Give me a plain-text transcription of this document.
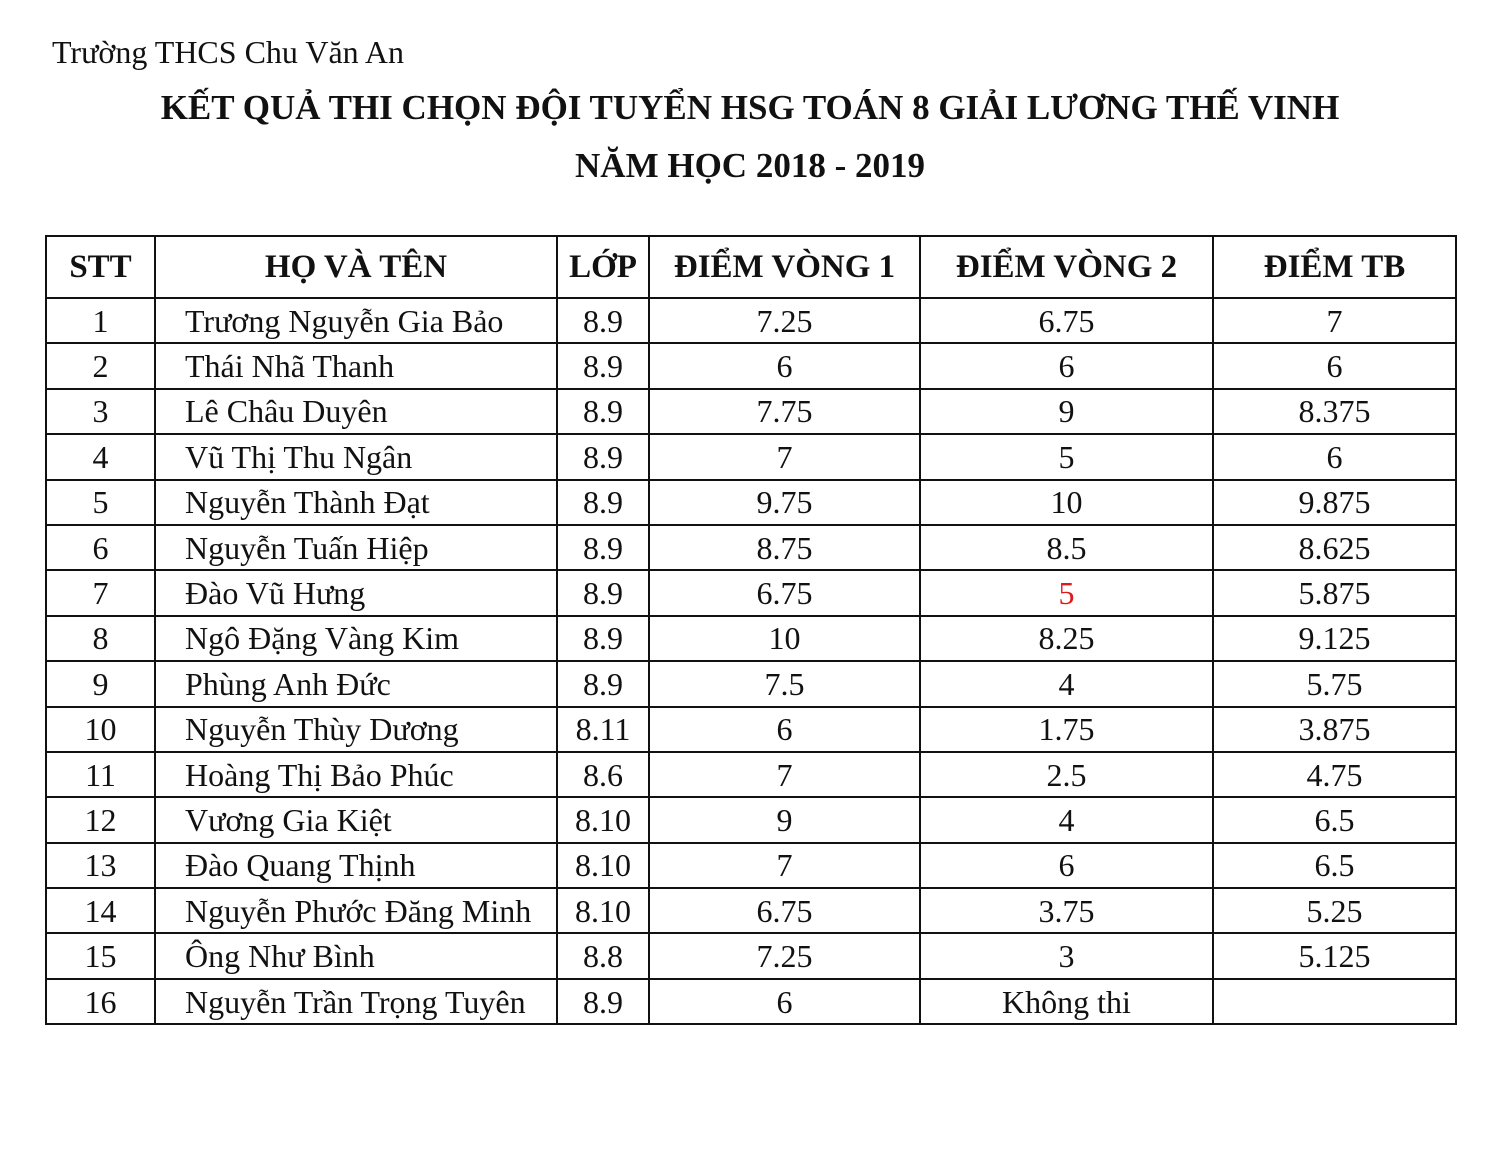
Trường THCS Chu Văn An
KẾT QUẢ THI CHỌN ĐỘI TUYỂN HSG TOÁN 8 GIẢI LƯƠNG THẾ VINH
NĂM HỌC 2018 - 2019
STT	HỌ VÀ TÊN	LỚP	ĐIỂM VÒNG 1	ĐIỂM VÒNG 2	ĐIỂM TB
1	Trương Nguyễn Gia Bảo	8.9	7.25	6.75	7
2	Thái Nhã Thanh	8.9	6	6	6
3	Lê Châu Duyên	8.9	7.75	9	8.375
4	Vũ Thị Thu Ngân	8.9	7	5	6
5	Nguyễn Thành Đạt	8.9	9.75	10	9.875
6	Nguyễn Tuấn Hiệp	8.9	8.75	8.5	8.625
7	Đào Vũ Hưng	8.9	6.75	5	5.875
8	Ngô Đặng Vàng Kim	8.9	10	8.25	9.125
9	Phùng Anh Đức	8.9	7.5	4	5.75
10	Nguyễn Thùy Dương	8.11	6	1.75	3.875
11	Hoàng Thị Bảo Phúc	8.6	7	2.5	4.75
12	Vương Gia Kiệt	8.10	9	4	6.5
13	Đào Quang Thịnh	8.10	7	6	6.5
14	Nguyễn Phước Đăng Minh	8.10	6.75	3.75	5.25
15	Ông Như Bình	8.8	7.25	3	5.125
16	Nguyễn Trần Trọng Tuyên	8.9	6	Không thi	
